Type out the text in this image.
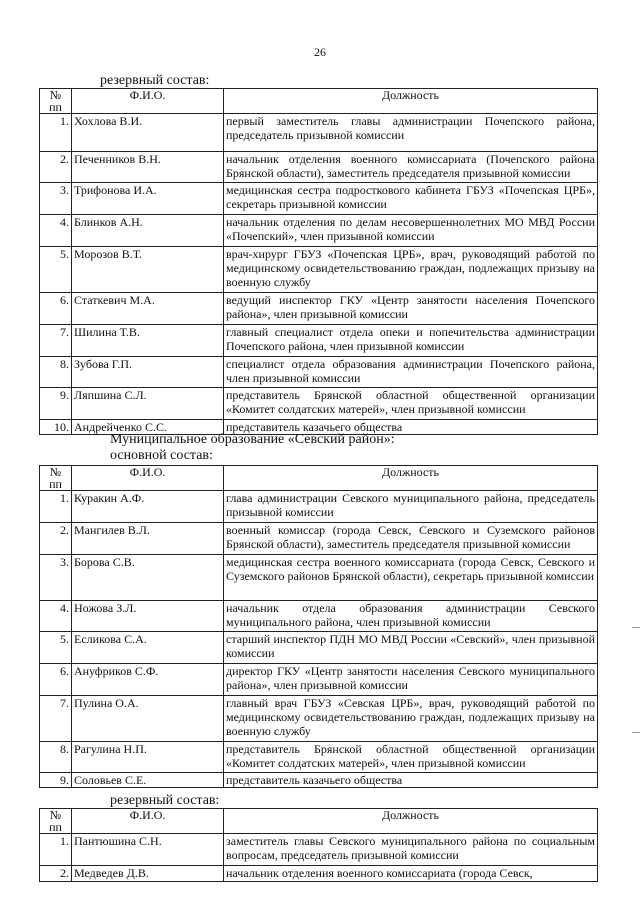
26
резервный состав:
№ пп	Ф.И.О.	Должность
1.	Хохлова В.И.	первый заместитель главы администрации Почепского района, председатель призывной комиссии
2.	Печенников В.Н.	начальник отделения военного комиссариата (Почепского района Брянской области), заместитель председателя призывной комиссии
3.	Трифонова И.А.	медицинская сестра подросткового кабинета ГБУЗ «Почепская ЦРБ», секретарь призывной комиссии
4.	Блинков А.Н.	начальник отделения по делам несовершеннолетних МО МВД России «Почепский», член призывной комиссии
5.	Морозов В.Т.	врач-хирург ГБУЗ «Почепская ЦРБ», врач, руководящий работой по медицинскому освидетельствованию граждан, подлежащих призыву на военную службу
6.	Статкевич М.А.	ведущий инспектор ГКУ «Центр занятости населения Почепского района», член призывной комиссии
7.	Шилина Т.В.	главный специалист отдела опеки и попечительства администрации Почепского района, член призывной комиссии
8.	Зубова Г.П.	специалист отдела образования администрации Почепского района, член призывной комиссии
9.	Ляпшина С.Л.	представитель Брянской областной общественной организации «Комитет солдатских матерей», член призывной комиссии
10.	Андрейченко С.С.	представитель казачьего общества
Муниципальное образование «Севский район»:
основной состав:
№ пп	Ф.И.О.	Должность
1.	Куракин А.Ф.	глава администрации Севского муниципального района, председатель призывной комиссии
2.	Мангилев В.Л.	военный комиссар (города Севск, Севского и Суземского районов Брянской области), заместитель председателя призывной комиссии
3.	Борова С.В.	медицинская сестра военного комиссариата (города Севск, Севского и Суземского районов Брянской области), секретарь призывной комиссии
4.	Ножова З.Л.	начальник отдела образования администрации Севского муниципального района, член призывной комиссии
5.	Есликова С.А.	старший инспектор ПДН МО МВД России «Севский», член призывной комиссии
6.	Ануфриков С.Ф.	директор ГКУ «Центр занятости населения Севского муниципального района», член призывной комиссии
7.	Пулина О.А.	главный врач ГБУЗ «Севская ЦРБ», врач, руководящий работой по медицинскому освидетельствованию граждан, подлежащих призыву на военную службу
8.	Рагулина Н.П.	представитель Брянской областной общественной организации «Комитет солдатских матерей», член призывной комиссии
9.	Соловьев С.Е.	представитель казачьего общества
резервный состав:
№ пп	Ф.И.О.	Должность
1.	Пантюшина С.Н.	заместитель главы Севского муниципального района по социальным вопросам, председатель призывной комиссии
2.	Медведев Д.В.	начальник отделения военного комиссариата (города Севск,
